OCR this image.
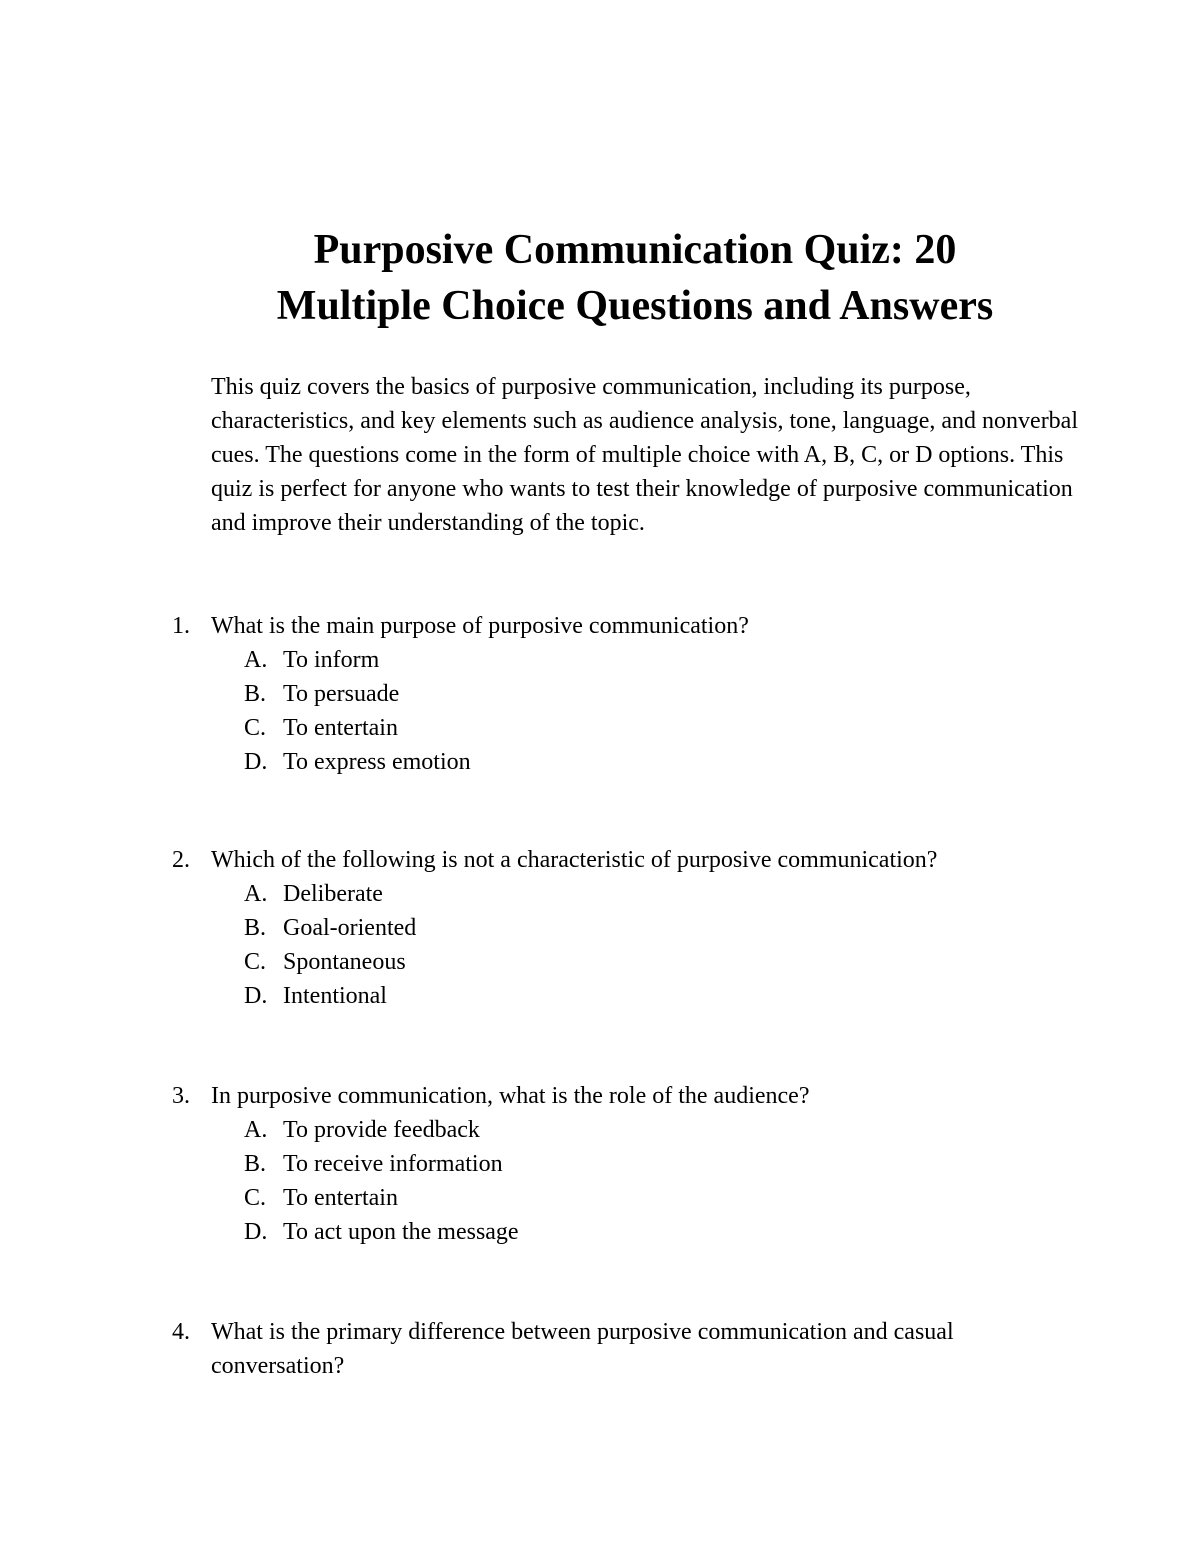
Purposive Communication Quiz: 20
Multiple Choice Questions and Answers

This quiz covers the basics of purposive communication, including its purpose, characteristics, and key elements such as audience analysis, tone, language, and nonverbal cues. The questions come in the form of multiple choice with A, B, C, or D options. This quiz is perfect for anyone who wants to test their knowledge of purposive communication and improve their understanding of the topic.

1. What is the main purpose of purposive communication?

A. To inform
B. To persuade
C. To entertain
D. To express emotion
2. Which of the following is not a characteristic of purposive communication?

A. Deliberate
B. Goal-oriented
C. Spontaneous
D. Intentional
3. In purposive communication, what is the role of the audience?

A. To provide feedback
B. To receive information
C. To entertain
D. To act upon the message
4. What is the primary difference between purposive communication and casual conversation?
